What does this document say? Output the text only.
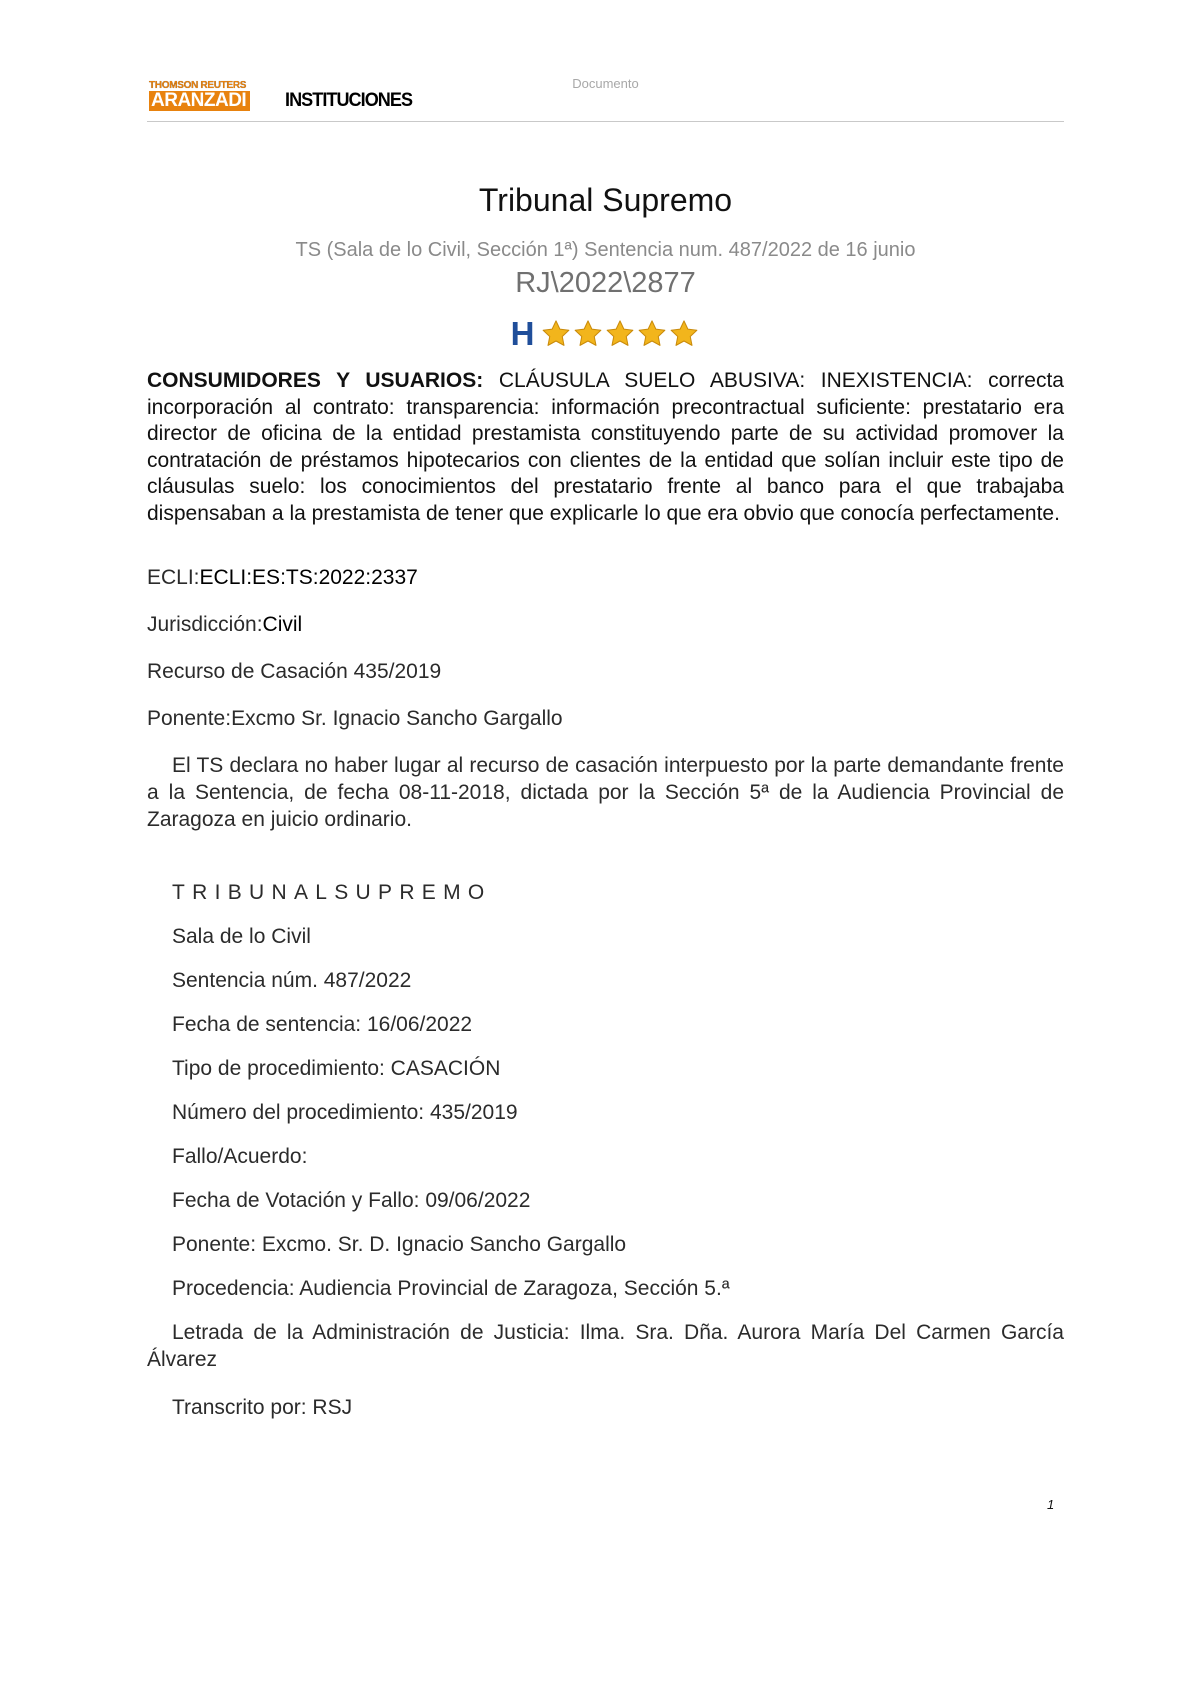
THOMSON REUTERS
ARANZADI INSTITUCIONES
Documento
Tribunal Supremo
TS (Sala de lo Civil, Sección 1ª) Sentencia num. 487/2022 de 16 junio
RJ\2022\2877
H
CONSUMIDORES Y USUARIOS: CLÁUSULA SUELO ABUSIVA: INEXISTENCIA: correcta incorporación al contrato: transparencia: información precontractual suficiente: prestatario era director de oficina de la entidad prestamista constituyendo parte de su actividad promover la contratación de préstamos hipotecarios con clientes de la entidad que solían incluir este tipo de cláusulas suelo: los conocimientos del prestatario frente al banco para el que trabajaba dispensaban a la prestamista de tener que explicarle lo que era obvio que conocía perfectamente.
ECLI:ECLI:ES:TS:2022:2337
Jurisdicción:Civil
Recurso de Casación 435/2019
Ponente:Excmo Sr. Ignacio Sancho Gargallo
El TS declara no haber lugar al recurso de casación interpuesto por la parte demandante frente a la Sentencia, de fecha 08-11-2018, dictada por la Sección 5ª de la Audiencia Provincial de Zaragoza en juicio ordinario.
TRIBUNALSUPREMO
Sala de lo Civil
Sentencia núm. 487/2022
Fecha de sentencia: 16/06/2022
Tipo de procedimiento: CASACIÓN
Número del procedimiento: 435/2019
Fallo/Acuerdo:
Fecha de Votación y Fallo: 09/06/2022
Ponente: Excmo. Sr. D. Ignacio Sancho Gargallo
Procedencia: Audiencia Provincial de Zaragoza, Sección 5.ª
Letrada de la Administración de Justicia: Ilma. Sra. Dña. Aurora María Del Carmen García Álvarez
Transcrito por: RSJ
1
